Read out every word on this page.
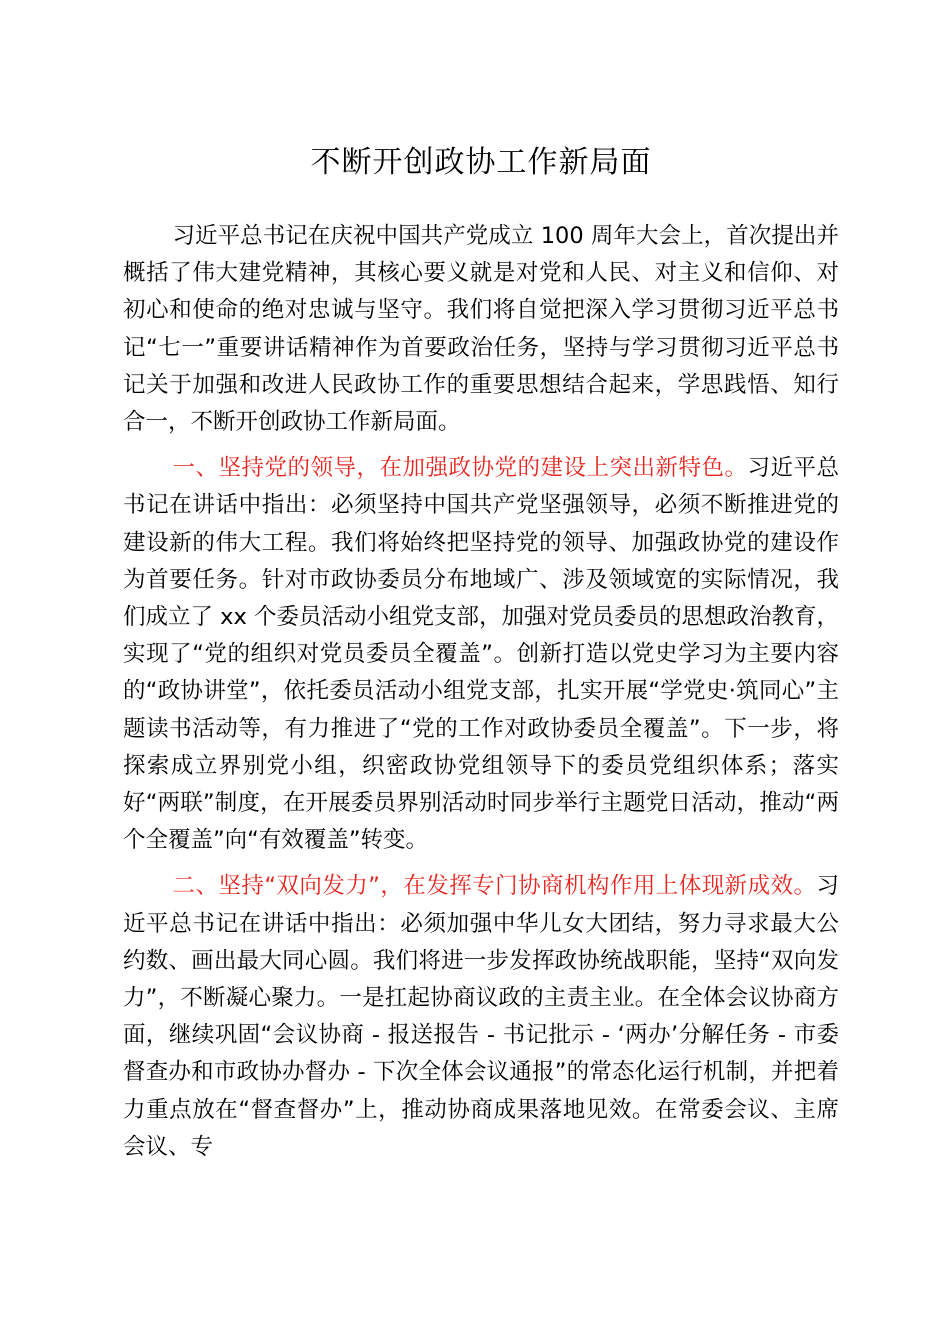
不断开创政协工作新局面

习近平总书记在庆祝中国共产党成立 100 周年大会上，首次提出并概括了伟大建党精神，其核心要义就是对党和人民、对主义和信仰、对初心和使命的绝对忠诚与坚守。我们将自觉把深入学习贯彻习近平总书记“七一”重要讲话精神作为首要政治任务，坚持与学习贯彻习近平总书记关于加强和改进人民政协工作的重要思想结合起来，学思践悟、知行合一，不断开创政协工作新局面。

一、坚持党的领导，在加强政协党的建设上突出新特色。习近平总书记在讲话中指出：必须坚持中国共产党坚强领导，必须不断推进党的建设新的伟大工程。我们将始终把坚持党的领导、加强政协党的建设作为首要任务。针对市政协委员分布地域广、涉及领域宽的实际情况，我们成立了 xx 个委员活动小组党支部，加强对党员委员的思想政治教育，实现了“党的组织对党员委员全覆盖”。创新打造以党史学习为主要内容的“政协讲堂”，依托委员活动小组党支部，扎实开展“学党史·筑同心”主题读书活动等，有力推进了“党的工作对政协委员全覆盖”。下一步，将探索成立界别党小组，织密政协党组领导下的委员党组织体系；落实好“两联”制度，在开展委员界别活动时同步举行主题党日活动，推动“两个全覆盖”向“有效覆盖”转变。

二、坚持“双向发力”，在发挥专门协商机构作用上体现新成效。习近平总书记在讲话中指出：必须加强中华儿女大团结，努力寻求最大公约数、画出最大同心圆。我们将进一步发挥政协统战职能，坚持“双向发力”，不断凝心聚力。一是扛起协商议政的主责主业。在全体会议协商方面，继续巩固“会议协商 - 报送报告 - 书记批示 - ‘两办’分解任务 - 市委督查办和市政协办督办 - 下次全体会议通报”的常态化运行机制，并把着力重点放在“督查督办”上，推动协商成果落地见效。在常委会议、主席会议、专
